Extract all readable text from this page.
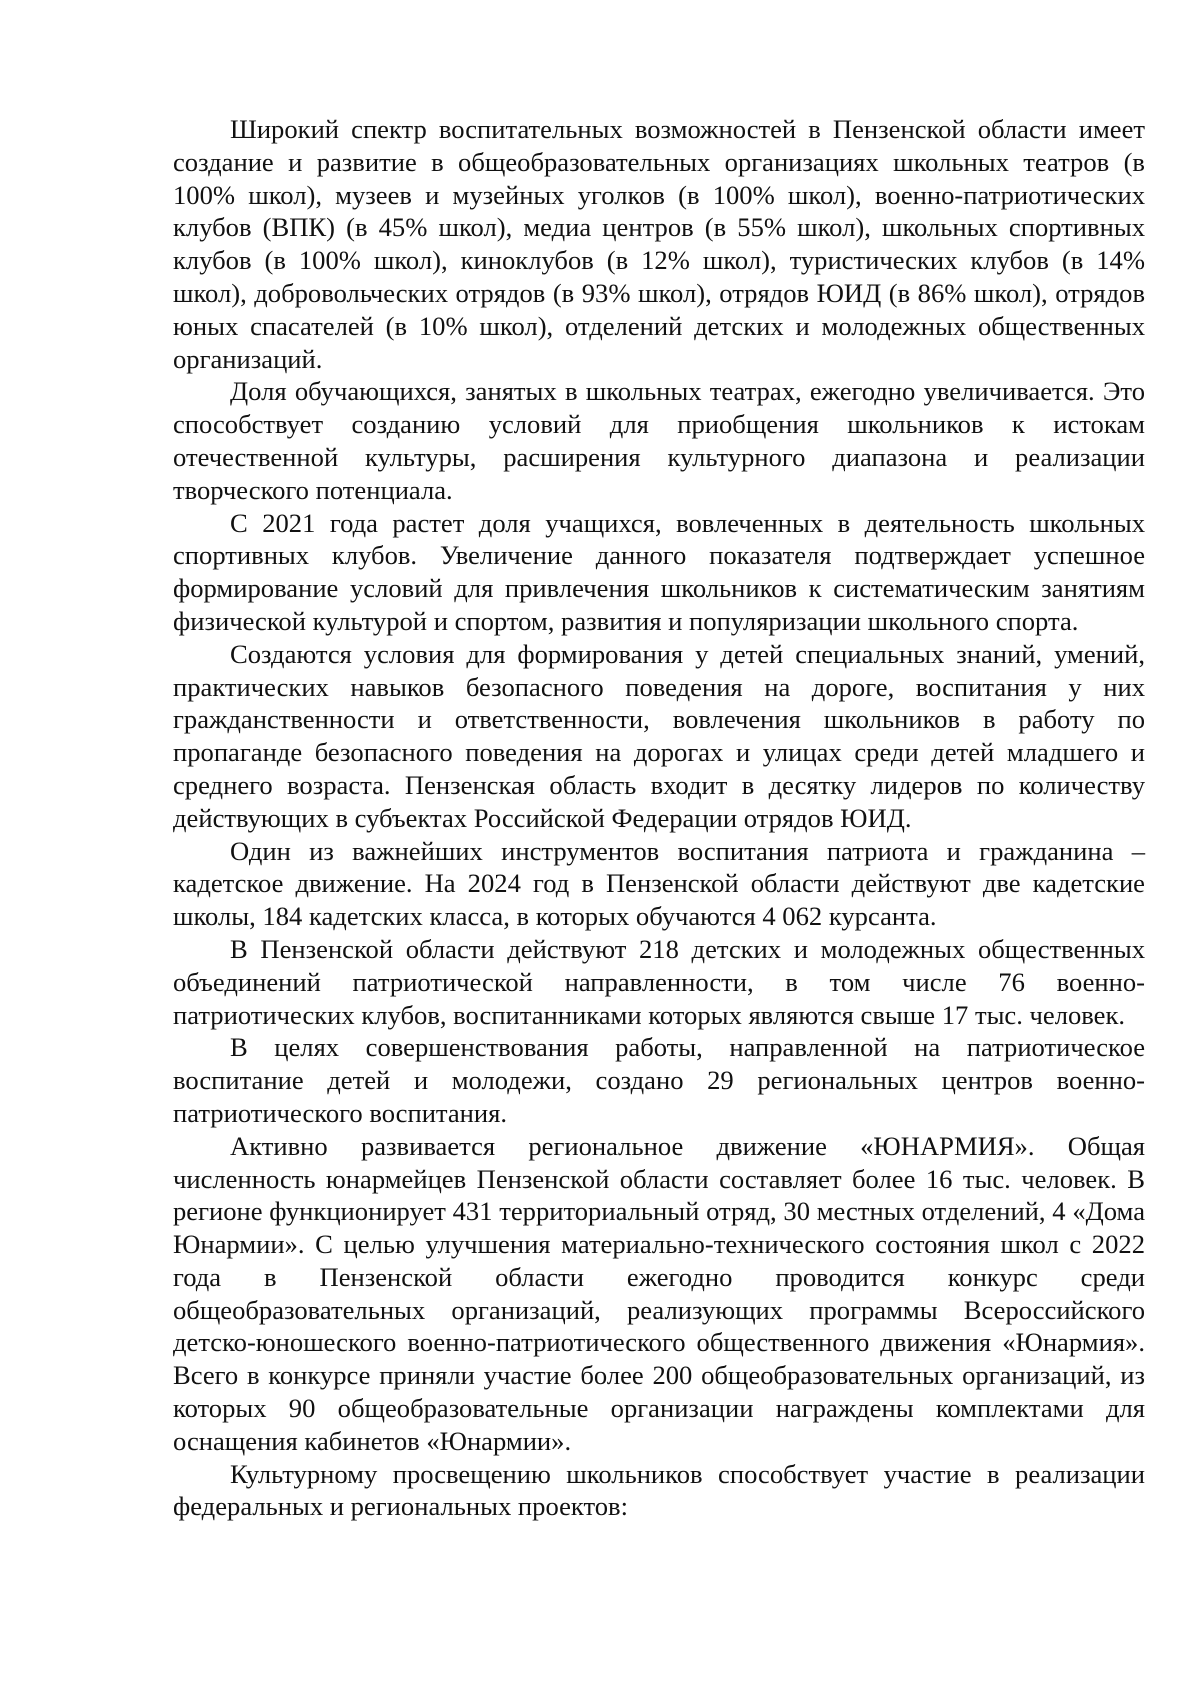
Широкий спектр воспитательных возможностей в Пензенской области имеет создание и развитие в общеобразовательных организациях школьных театров (в 100% школ), музеев и музейных уголков (в 100% школ), военно-патриотических клубов (ВПК) (в 45% школ), медиа центров (в 55% школ), школьных спортивных клубов (в 100% школ), киноклубов (в 12% школ), туристических клубов (в 14% школ), добровольческих отрядов (в 93% школ), отрядов ЮИД (в 86% школ), отрядов юных спасателей (в 10% школ), отделений детских и молодежных общественных организаций.

Доля обучающихся, занятых в школьных театрах, ежегодно увеличивается. Это способствует созданию условий для приобщения школьников к истокам отечественной культуры, расширения культурного диапазона и реализации творческого потенциала.

С 2021 года растет доля учащихся, вовлеченных в деятельность школьных спортивных клубов. Увеличение данного показателя подтверждает успешное формирование условий для привлечения школьников к систематическим занятиям физической культурой и спортом, развития и популяризации школьного спорта.

Создаются условия для формирования у детей специальных знаний, умений, практических навыков безопасного поведения на дороге, воспитания у них гражданственности и ответственности, вовлечения школьников в работу по пропаганде безопасного поведения на дорогах и улицах среди детей младшего и среднего возраста. Пензенская область входит в десятку лидеров по количеству действующих в субъектах Российской Федерации отрядов ЮИД.

Один из важнейших инструментов воспитания патриота и гражданина – кадетское движение. На 2024 год в Пензенской области действуют две кадетские школы, 184 кадетских класса, в которых обучаются 4 062 курсанта.

В Пензенской области действуют 218 детских и молодежных общественных объединений патриотической направленности, в том числе 76 военно-патриотических клубов, воспитанниками которых являются свыше 17 тыс. человек.

В целях совершенствования работы, направленной на патриотическое воспитание детей и молодежи, создано 29 региональных центров военно-патриотического воспитания.

Активно развивается региональное движение «ЮНАРМИЯ». Общая численность юнармейцев Пензенской области составляет более 16 тыс. человек. В регионе функционирует 431 территориальный отряд, 30 местных отделений, 4 «Дома Юнармии». С целью улучшения материально-технического состояния школ с 2022 года в Пензенской области ежегодно проводится конкурс среди общеобразовательных организаций, реализующих программы Всероссийского детско-юношеского военно-патриотического общественного движения «Юнармия». Всего в конкурсе приняли участие более 200 общеобразовательных организаций, из которых 90 общеобразовательные организации награждены комплектами для оснащения кабинетов «Юнармии».

Культурному просвещению школьников способствует участие в реализации федеральных и региональных проектов:
